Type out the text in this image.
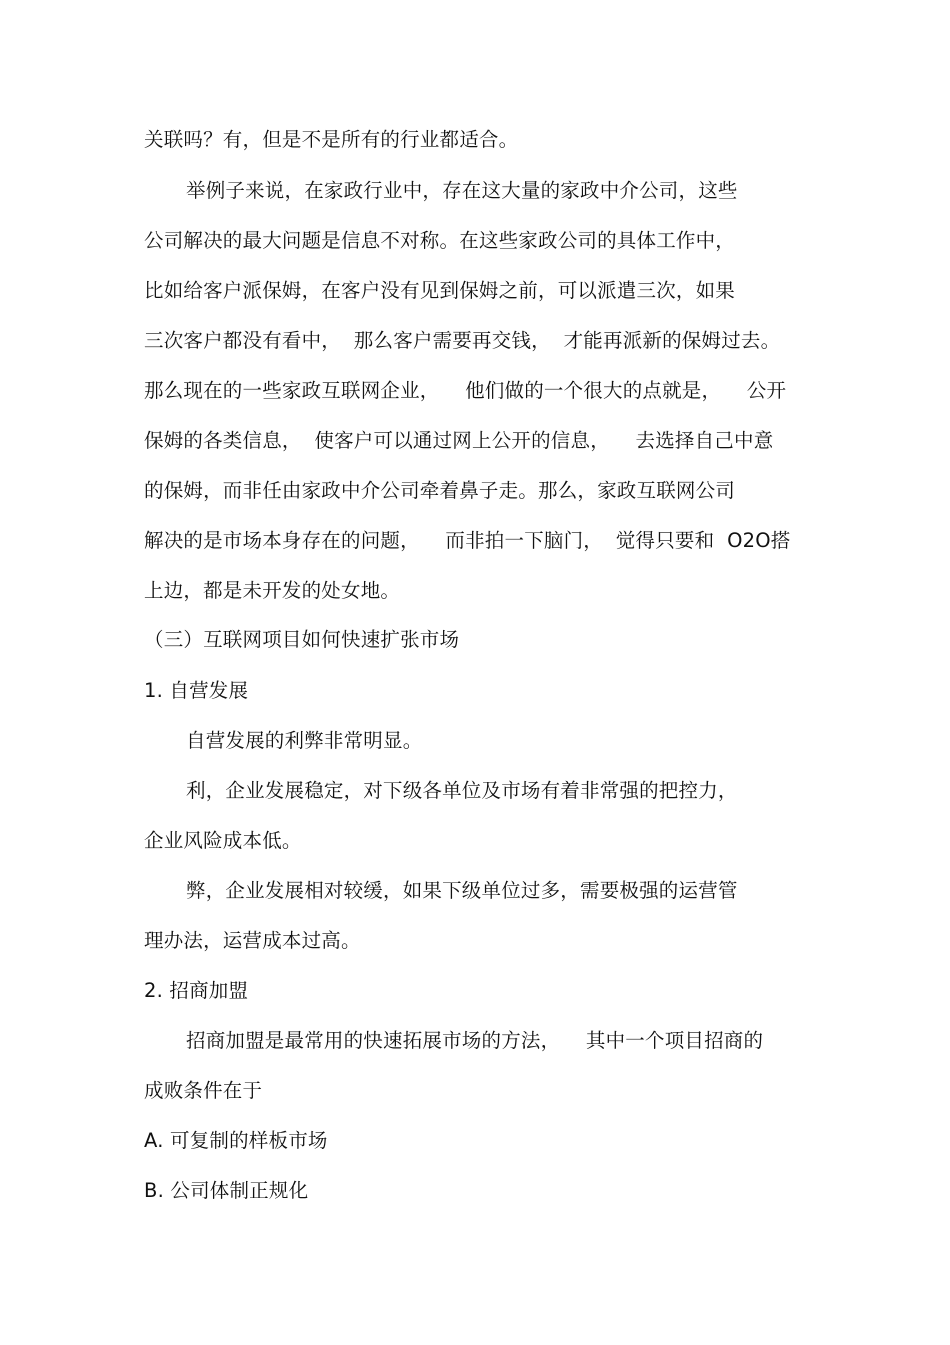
关联吗？有，但是不是所有的行业都适合。
举例子来说，在家政行业中，存在这大量的家政中介公司，这些
公司解决的最大问题是信息不对称。在这些家政公司的具体工作中，
比如给客户派保姆，在客户没有见到保姆之前，可以派遣三次，如果
三次客户都没有看中，  那么客户需要再交钱，  才能再派新的保姆过去。
那么现在的一些家政互联网企业，    他们做的一个很大的点就是，    公开
保姆的各类信息，  使客户可以通过网上公开的信息，    去选择自己中意
的保姆，而非任由家政中介公司牵着鼻子走。那么，家政互联网公司
解决的是市场本身存在的问题，    而非拍一下脑门，  觉得只要和  O2O搭
上边，都是未开发的处女地。
（三）互联网项目如何快速扩张市场
1. 自营发展
自营发展的利弊非常明显。
利，企业发展稳定，对下级各单位及市场有着非常强的把控力，
企业风险成本低。
弊，企业发展相对较缓，如果下级单位过多，需要极强的运营管
理办法，运营成本过高。
2. 招商加盟
招商加盟是最常用的快速拓展市场的方法，    其中一个项目招商的
成败条件在于
A. 可复制的样板市场
B. 公司体制正规化
